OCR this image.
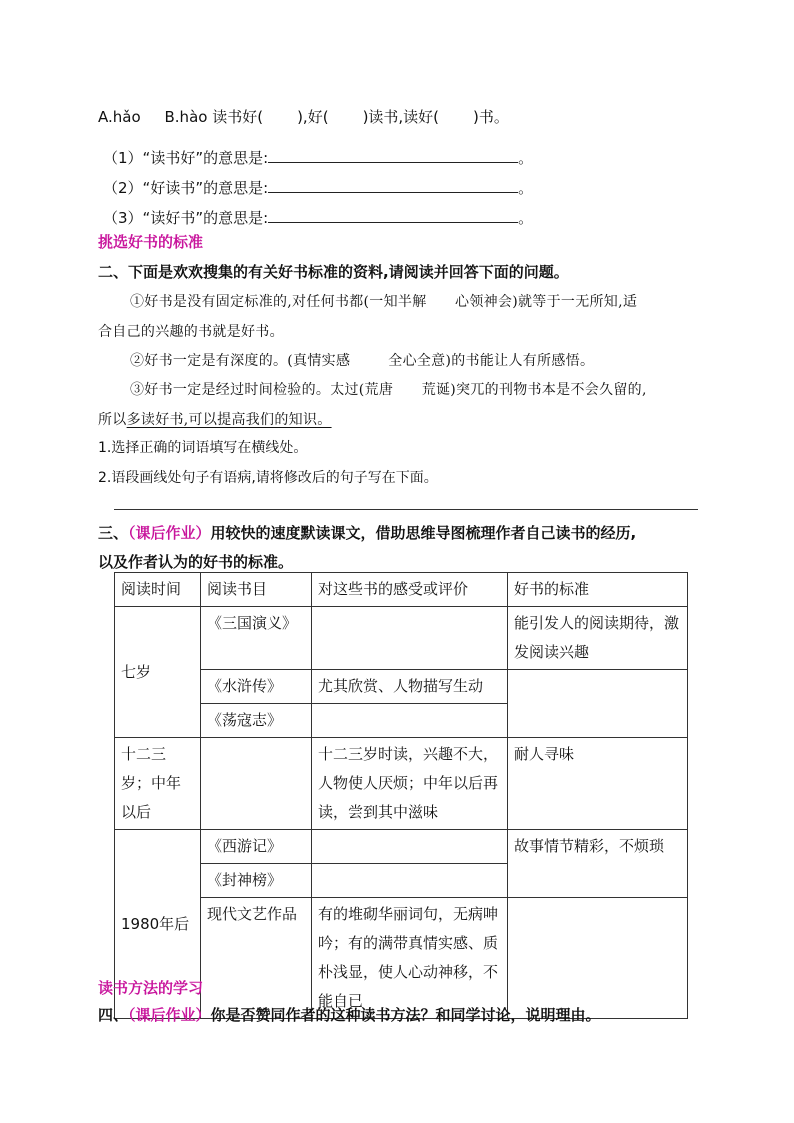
A.hǎo B.hào 读书好( ),好( )读书,读好( )书。
（1）“读书好”的意思是:	。
（2）“好读书”的意思是:	。
（3）“读好书”的意思是:	。
挑选好书的标准
二、下面是欢欢搜集的有关好书标准的资料,请阅读并回答下面的问题。
①好书是没有固定标准的,对任何书都(一知半解 心领神会)就等于一无所知,适
合自己的兴趣的书就是好书。
②好书一定是有深度的。(真情实感	全心全意)的书能让人有所感悟。
③好书一定是经过时间检验的。太过(荒唐 荒诞)突兀的刊物书本是不会久留的,
所以多读好书,可以提高我们的知识。
1.选择正确的词语填写在横线处。
2.语段画线处句子有语病,请将修改后的句子写在下面。
三、（课后作业）用较快的速度默读课文，借助思维导图梳理作者自己读书的经历,
以及作者认为的好书的标准。
阅读时间	阅读书目	对这些书的感受或评价	好书的标准
七岁	《三国演义》		能引发人的阅读期待，激发阅读兴趣
	《水浒传》	尤其欣赏、人物描写生动	
	《荡寇志》		
十二三岁；中年以后		十二三岁时读，兴趣不大，人物使人厌烦；中年以后再读，尝到其中滋味	耐人寻味
1980年后	《西游记》		故事情节精彩，不烦琐
	《封神榜》		
	现代文艺作品	有的堆砌华丽词句，无病呻吟；有的满带真情实感、质朴浅显，使人心动神移，不能自已	
读书方法的学习
四、（课后作业）你是否赞同作者的这种读书方法？和同学讨论，说明理由。
